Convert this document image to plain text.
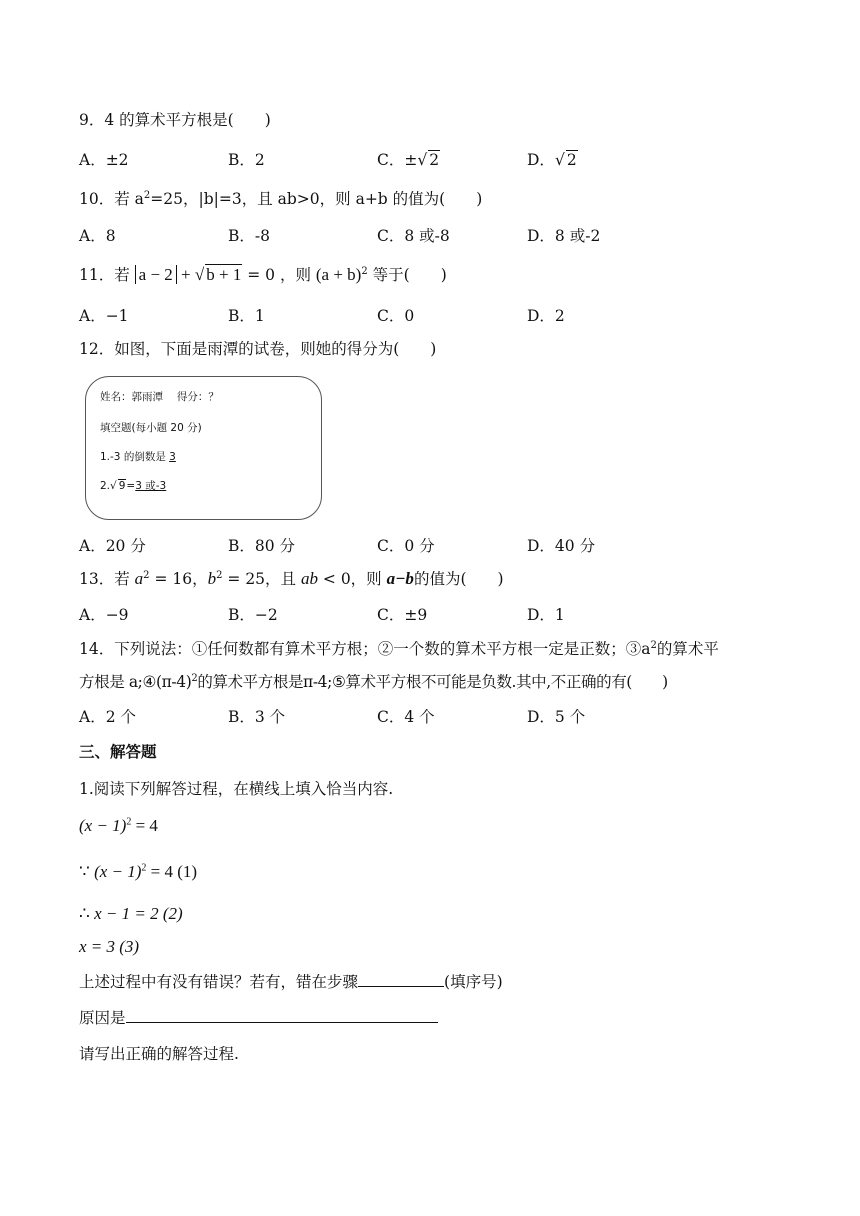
9．4 的算术平方根是(　　)
A．±2	B．2	C．±√ 2	D．√ 2
10．若 $a^2=25$，|b|=3，且 ab>0，则 a+b 的值为(　　)
A．8	B．-8	C．8 或-8	D．8 或-2
11．若 a − 2 + √ b + 1 = 0 ，则 $(a + b)^2$ 等于(　　)
A．−1	B．1	C．0	D．2
12．如图，下面是雨潭的试卷，则她的得分为(　　)
姓名：郭雨潭　 得分：？
填空题(每小题 20 分)
1.-3 的倒数是 3
2.√ 9=3 或-3
A．20 分	B．80 分	C．0 分	D．40 分
13．若 $a^2 = 16$，$b^2 = 25$，且 ab < 0，则 a−b的值为(　　)
A．−9	B．−2	C．±9	D．1
14．下列说法：①任何数都有算术平方根；②一个数的算术平方根一定是正数；$③a^2$的算术平
方根是 $a;④(\pi-4)^2$的算术平方根是π-4;⑤算术平方根不可能是负数.其中,不正确的有(　　)
A．2 个	B．3 个	C．4 个	D．5 个
三、解答题
1.阅读下列解答过程，在横线上填入恰当内容.
$(x - 1)^2 = 4$
∵ $(x - 1)^2 = 4$ (1)
∴ x − 1 = 2 (2)
x = 3 (3)
上述过程中有没有错误？若有，错在步骤	(填序号)
原因是
请写出正确的解答过程.
